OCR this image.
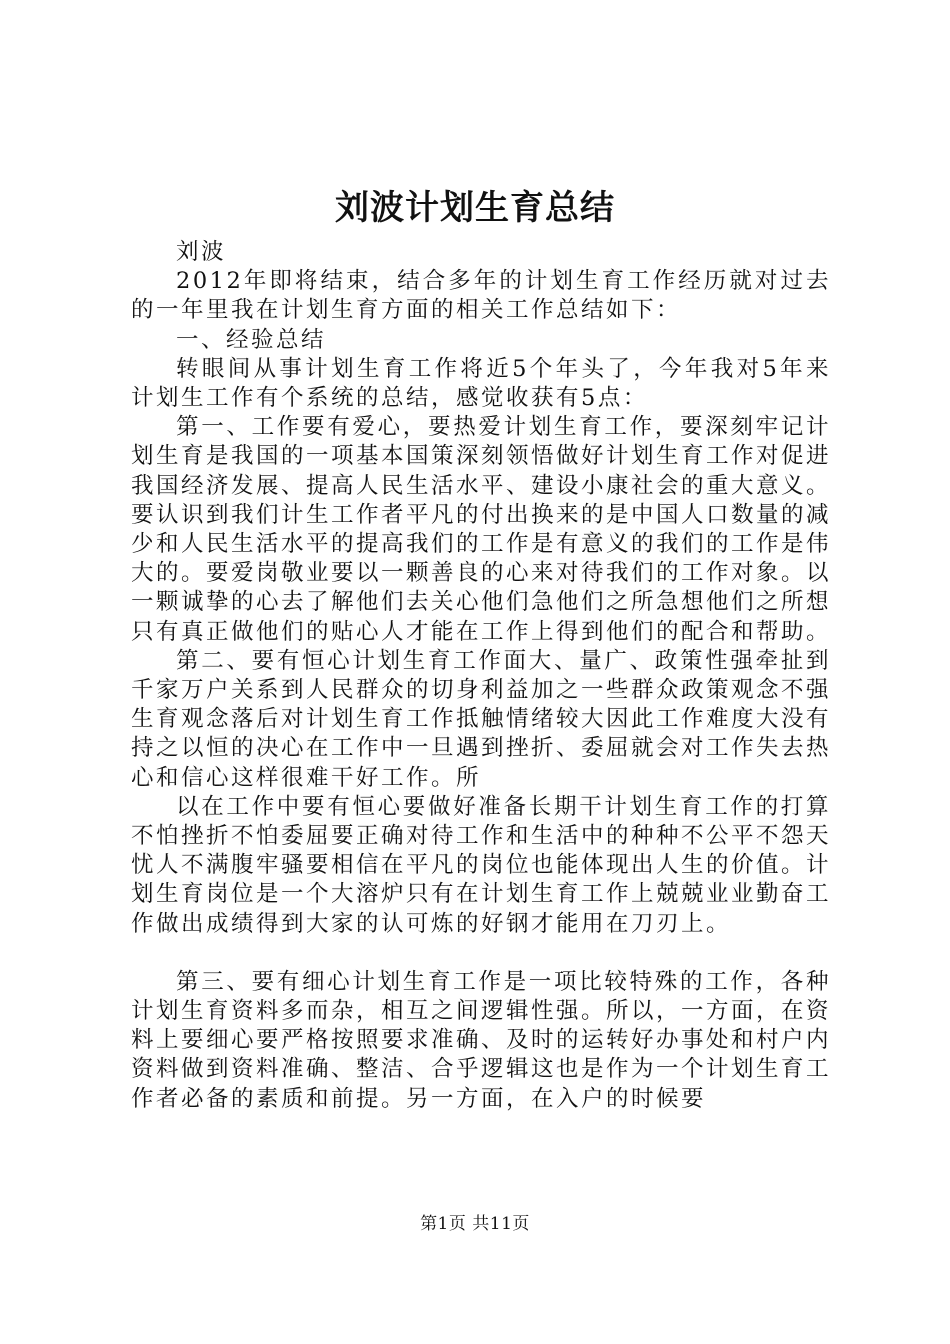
刘波计划生育总结

刘波

2012年即将结束，结合多年的计划生育工作经历就对过去的一年里我在计划生育方面的相关工作总结如下：

一、经验总结

转眼间从事计划生育工作将近5个年头了，今年我对5年来计划生工作有个系统的总结，感觉收获有5点：

第一、工作要有爱心，要热爱计划生育工作，要深刻牢记计划生育是我国的一项基本国策深刻领悟做好计划生育工作对促进我国经济发展、提高人民生活水平、建设小康社会的重大意义。要认识到我们计生工作者平凡的付出换来的是中国人口数量的减少和人民生活水平的提高我们的工作是有意义的我们的工作是伟大的。要爱岗敬业要以一颗善良的心来对待我们的工作对象。以一颗诚挚的心去了解他们去关心他们急他们之所急想他们之所想只有真正做他们的贴心人才能在工作上得到他们的配合和帮助。

第二、要有恒心计划生育工作面大、量广、政策性强牵扯到千家万户关系到人民群众的切身利益加之一些群众政策观念不强生育观念落后对计划生育工作抵触情绪较大因此工作难度大没有持之以恒的决心在工作中一旦遇到挫折、委屈就会对工作失去热心和信心这样很难干好工作。所

以在工作中要有恒心要做好准备长期干计划生育工作的打算不怕挫折不怕委屈要正确对待工作和生活中的种种不公平不怨天忧人不满腹牢骚要相信在平凡的岗位也能体现出人生的价值。计划生育岗位是一个大溶炉只有在计划生育工作上兢兢业业勤奋工作做出成绩得到大家的认可炼的好钢才能用在刀刃上。

第三、要有细心计划生育工作是一项比较特殊的工作，各种计划生育资料多而杂，相互之间逻辑性强。所以，一方面，在资料上要细心要严格按照要求准确、及时的运转好办事处和村户内资料做到资料准确、整洁、合乎逻辑这也是作为一个计划生育工作者必备的素质和前提。另一方面，在入户的时候要

第1页 共11页
